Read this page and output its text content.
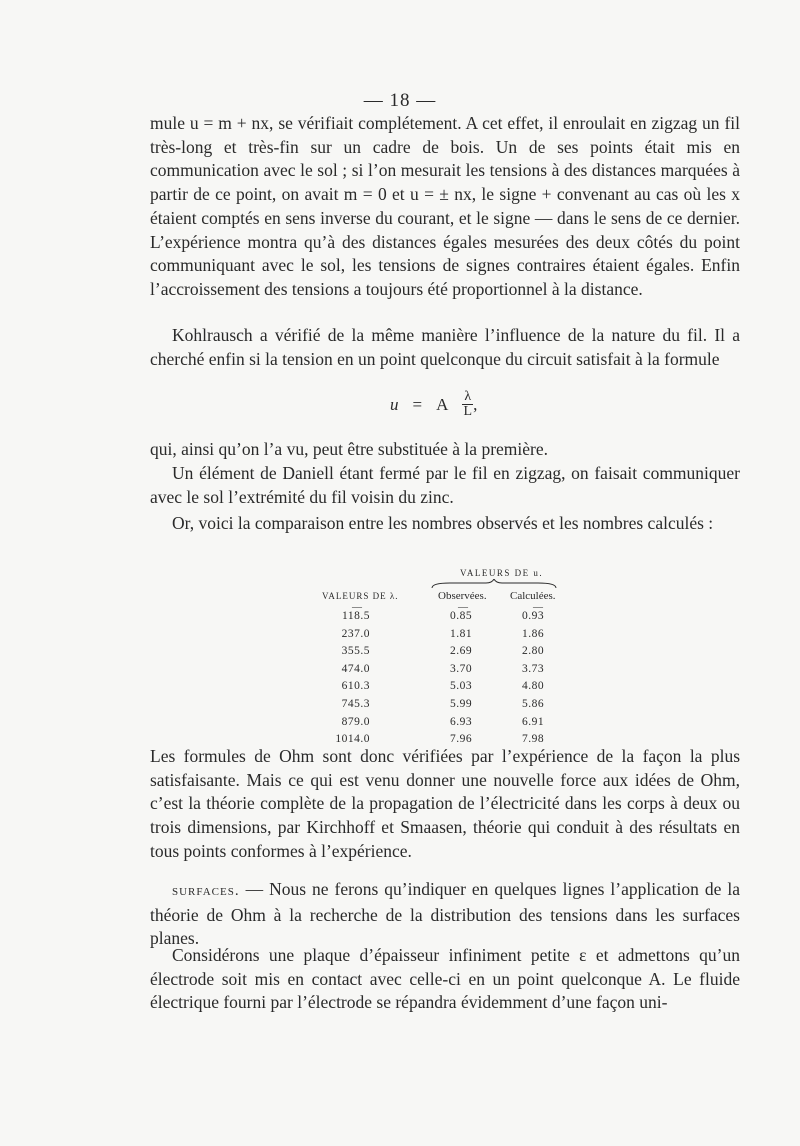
— 18 —

mule u = m + nx, se vérifiait complétement. A cet effet, il enroulait en zigzag un fil très-long et très-fin sur un cadre de bois. Un de ses points était mis en communication avec le sol ; si l’on mesurait les tensions à des distances marquées à partir de ce point, on avait m = 0 et u = ± nx, le signe + convenant au cas où les x étaient comptés en sens inverse du courant, et le signe — dans le sens de ce dernier. L’expérience montra qu’à des distances égales mesurées des deux côtés du point communiquant avec le sol, les tensions de signes contraires étaient égales. Enfin l’accroissement des tensions a toujours été proportionnel à la distance.

Kohlrausch a vérifié de la même manière l’influence de la nature du fil. Il a cherché enfin si la tension en un point quelconque du circuit satisfait à la formule

u = A $\frac{\lambda}{L}$ ,

qui, ainsi qu’on l’a vu, peut être substituée à la première.

Un élément de Daniell étant fermé par le fil en zigzag, on faisait communiquer avec le sol l’extrémité du fil voisin du zinc.

Or, voici la comparaison entre les nombres observés et les nombres calculés :

VALEURS DE u.
VALEURS DE λ.	Observées. Calculées.
—	—	—
118.5	0.85	0.93
237.0	1.81	1.86
355.5	2.69	2.80
474.0	3.70	3.73
610.3	5.03	4.80
745.3	5.99	5.86
879.0	6.93	6.91
1014.0	7.96	7.98

Les formules de Ohm sont donc vérifiées par l’expérience de la façon la plus satisfaisante. Mais ce qui est venu donner une nouvelle force aux idées de Ohm, c’est la théorie complète de la propagation de l’électricité dans les corps à deux ou trois dimensions, par Kirchhoff et Smaasen, théorie qui conduit à des résultats en tous points conformes à l’expérience.

surfaces. — Nous ne ferons qu’indiquer en quelques lignes l’application de la théorie de Ohm à la recherche de la distribution des tensions dans les surfaces planes.

Considérons une plaque d’épaisseur infiniment petite ε et admettons qu’un électrode soit mis en contact avec celle-ci en un point quelconque A. Le fluide électrique fourni par l’électrode se répandra évidemment d’une façon uni-
